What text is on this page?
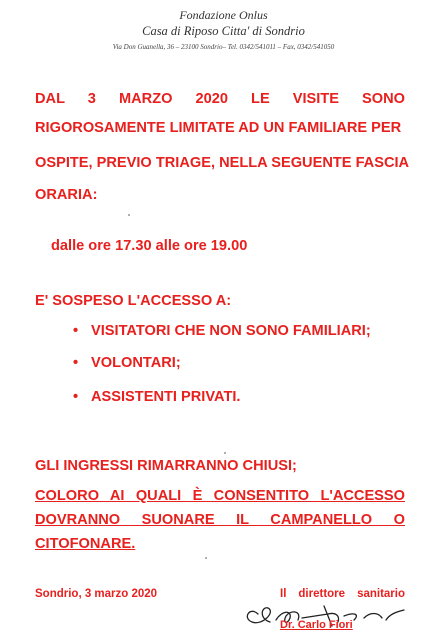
Fondazione Onlus
Casa di Riposo Citta' di Sondrio
Via Don Guanella, 36 – 23100 Sondrio– Tel. 0342/541011 – Fax, 0342/541050
DAL 3 MARZO 2020 LE VISITE SONO
RIGOROSAMENTE LIMITATE AD UN FAMILIARE PER
OSPITE, PREVIO TRIAGE, NELLA SEGUENTE FASCIA
ORARIA:
dalle ore 17.30 alle ore 19.00
E' SOSPESO L'ACCESSO A:
• VISITATORI CHE NON SONO FAMILIARI;
• VOLONTARI;
• ASSISTENTI PRIVATI.
GLI INGRESSI RIMARRANNO CHIUSI;
COLORO AI QUALI È CONSENTITO L'ACCESSO
DOVRANNO SUONARE IL CAMPANELLO O
CITOFONARE.
Sondrio, 3 marzo 2020	Il direttore sanitario
Dr. Carlo Fiori
